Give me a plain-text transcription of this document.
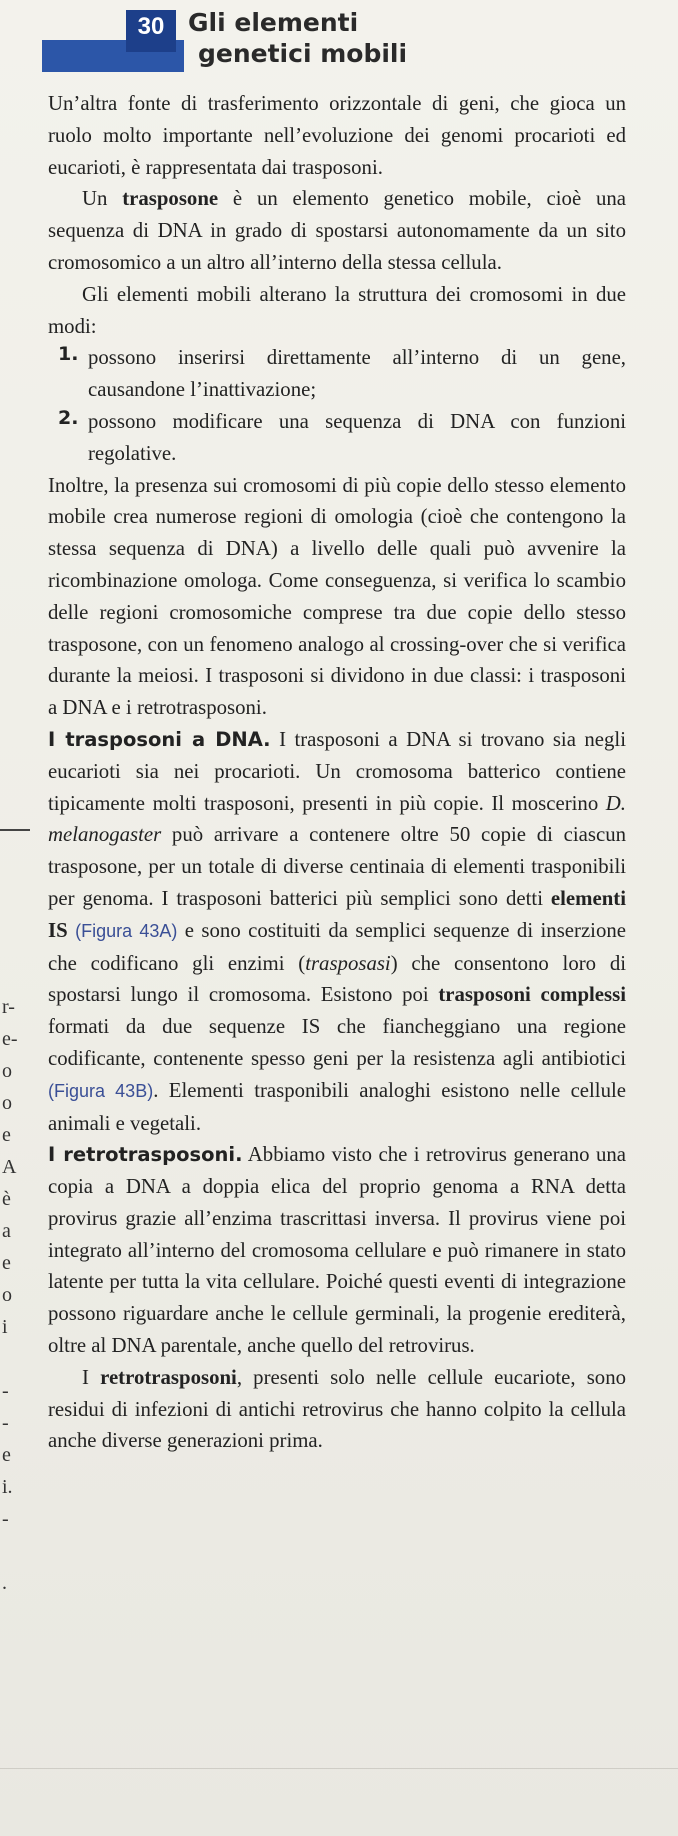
30 Gli elementi
genetici mobili

Un’altra fonte di trasferimento orizzontale di geni, che gioca un ruolo molto importante nell’evoluzione dei genomi procarioti ed eucarioti, è rappresentata dai trasposoni.

Un trasposone è un elemento genetico mobile, cioè una sequenza di DNA in grado di spostarsi autonomamente da un sito cromosomico a un altro all’interno della stessa cellula.

Gli elementi mobili alterano la struttura dei cromosomi in due modi:

1. possono inserirsi direttamente all’interno di un gene, causandone l’inattivazione;
2. possono modificare una sequenza di DNA con funzioni regolative.

Inoltre, la presenza sui cromosomi di più copie dello stesso elemento mobile crea numerose regioni di omologia (cioè che contengono la stessa sequenza di DNA) a livello delle quali può avvenire la ricombinazione omologa. Come conseguenza, si verifica lo scambio delle regioni cromosomiche comprese tra due copie dello stesso trasposone, con un fenomeno analogo al crossing-over che si verifica durante la meiosi. I trasposoni si dividono in due classi: i trasposoni a DNA e i retrotrasposoni.

I trasposoni a DNA. I trasposoni a DNA si trovano sia negli eucarioti sia nei procarioti. Un cromosoma batterico contiene tipicamente molti trasposoni, presenti in più copie. Il moscerino D. melanogaster può arrivare a contenere oltre 50 copie di ciascun trasposone, per un totale di diverse centinaia di elementi trasponibili per genoma. I trasposoni batterici più semplici sono detti elementi IS (Figura 43A) e sono costituiti da semplici sequenze di inserzione che codificano gli enzimi (trasposasi) che consentono loro di spostarsi lungo il cromosoma. Esistono poi trasposoni complessi formati da due sequenze IS che fiancheggiano una regione codificante, contenente spesso geni per la resistenza agli antibiotici (Figura 43B). Elementi trasponibili analoghi esistono nelle cellule animali e vegetali.

I retrotrasposoni. Abbiamo visto che i retrovirus generano una copia a DNA a doppia elica del proprio genoma a RNA detta provirus grazie all’enzima trascrittasi inversa. Il provirus viene poi integrato all’interno del cromosoma cellulare e può rimanere in stato latente per tutta la vita cellulare. Poiché questi eventi di integrazione possono riguardare anche le cellule germinali, la progenie erediterà, oltre al DNA parentale, anche quello del retrovirus.

I retrotrasposoni, presenti solo nelle cellule eucariote, sono residui di infezioni di antichi retrovirus che hanno colpito la cellula anche diverse generazioni prima.

r-
e-
o
o
e
A
è
a
e
o
i
-
-
e
i.
-
.
